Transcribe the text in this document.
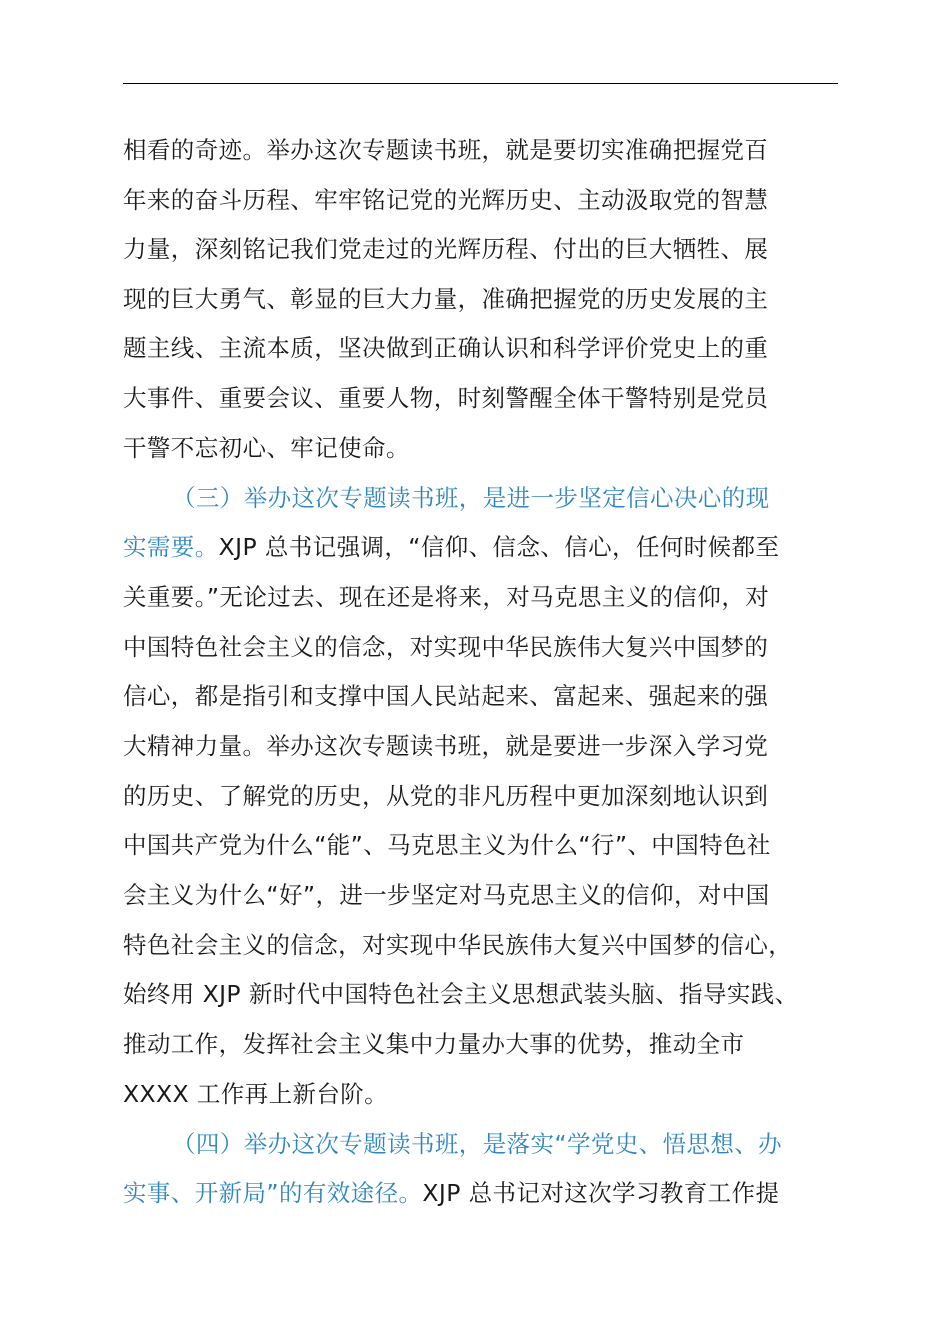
相看的奇迹。举办这次专题读书班，就是要切实准确把握党百
年来的奋斗历程、牢牢铭记党的光辉历史、主动汲取党的智慧
力量，深刻铭记我们党走过的光辉历程、付出的巨大牺牲、展
现的巨大勇气、彰显的巨大力量，准确把握党的历史发展的主
题主线、主流本质，坚决做到正确认识和科学评价党史上的重
大事件、重要会议、重要人物，时刻警醒全体干警特别是党员
干警不忘初心、牢记使命。
（三）举办这次专题读书班，是进一步坚定信心决心的现
实需要。XJP 总书记强调，“信仰、信念、信心，任何时候都至
关重要。”无论过去、现在还是将来，对马克思主义的信仰，对
中国特色社会主义的信念，对实现中华民族伟大复兴中国梦的
信心，都是指引和支撑中国人民站起来、富起来、强起来的强
大精神力量。举办这次专题读书班，就是要进一步深入学习党
的历史、了解党的历史，从党的非凡历程中更加深刻地认识到
中国共产党为什么“能”、马克思主义为什么“行”、中国特色社
会主义为什么“好”，进一步坚定对马克思主义的信仰，对中国
特色社会主义的信念，对实现中华民族伟大复兴中国梦的信心，
始终用 XJP 新时代中国特色社会主义思想武装头脑、指导实践、
推动工作，发挥社会主义集中力量办大事的优势，推动全市
XXXX 工作再上新台阶。
（四）举办这次专题读书班，是落实“学党史、悟思想、办
实事、开新局”的有效途径。XJP 总书记对这次学习教育工作提
